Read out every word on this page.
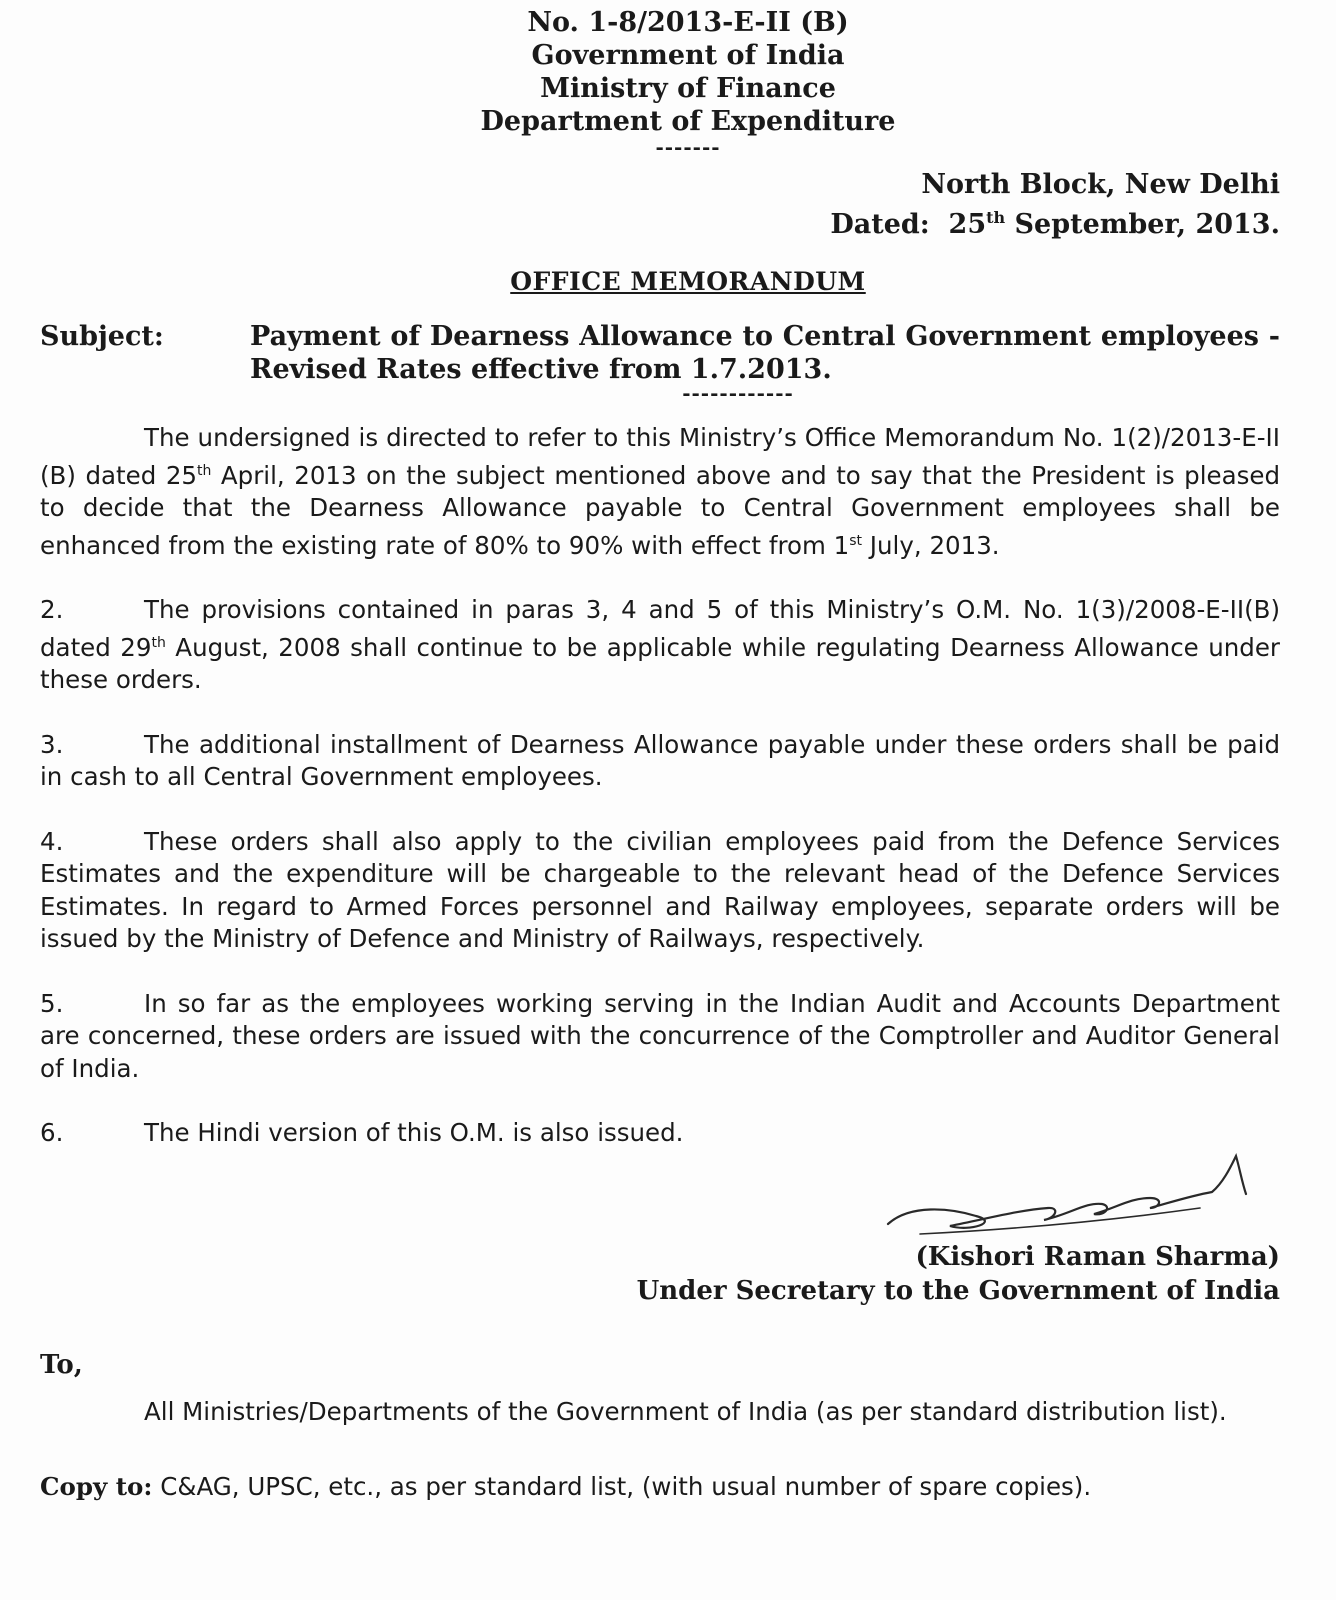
No. 1-8/2013-E-II (B)
Government of India
Ministry of Finance
Department of Expenditure
-------
North Block, New Delhi
Dated: 25th September, 2013.
OFFICE MEMORANDUM
Subject:	Payment of Dearness Allowance to Central Government employees - Revised Rates effective from 1.7.2013.
------------

The undersigned is directed to refer to this Ministry’s Office Memorandum No. 1(2)/2013-E-II (B) dated 25th April, 2013 on the subject mentioned above and to say that the President is pleased to decide that the Dearness Allowance payable to Central Government employees shall be enhanced from the existing rate of 80% to 90% with effect from 1st July, 2013.

2.	The provisions contained in paras 3, 4 and 5 of this Ministry’s O.M. No. 1(3)/2008-E-II(B) dated 29th August, 2008 shall continue to be applicable while regulating Dearness Allowance under these orders.

3.	The additional installment of Dearness Allowance payable under these orders shall be paid in cash to all Central Government employees.

4.	These orders shall also apply to the civilian employees paid from the Defence Services Estimates and the expenditure will be chargeable to the relevant head of the Defence Services Estimates. In regard to Armed Forces personnel and Railway employees, separate orders will be issued by the Ministry of Defence and Ministry of Railways, respectively.

5.	In so far as the employees working serving in the Indian Audit and Accounts Department are concerned, these orders are issued with the concurrence of the Comptroller and Auditor General of India.

6.	The Hindi version of this O.M. is also issued.

(Kishori Raman Sharma)
Under Secretary to the Government of India
To,

All Ministries/Departments of the Government of India (as per standard distribution list).

Copy to: C&AG, UPSC, etc., as per standard list, (with usual number of spare copies).
